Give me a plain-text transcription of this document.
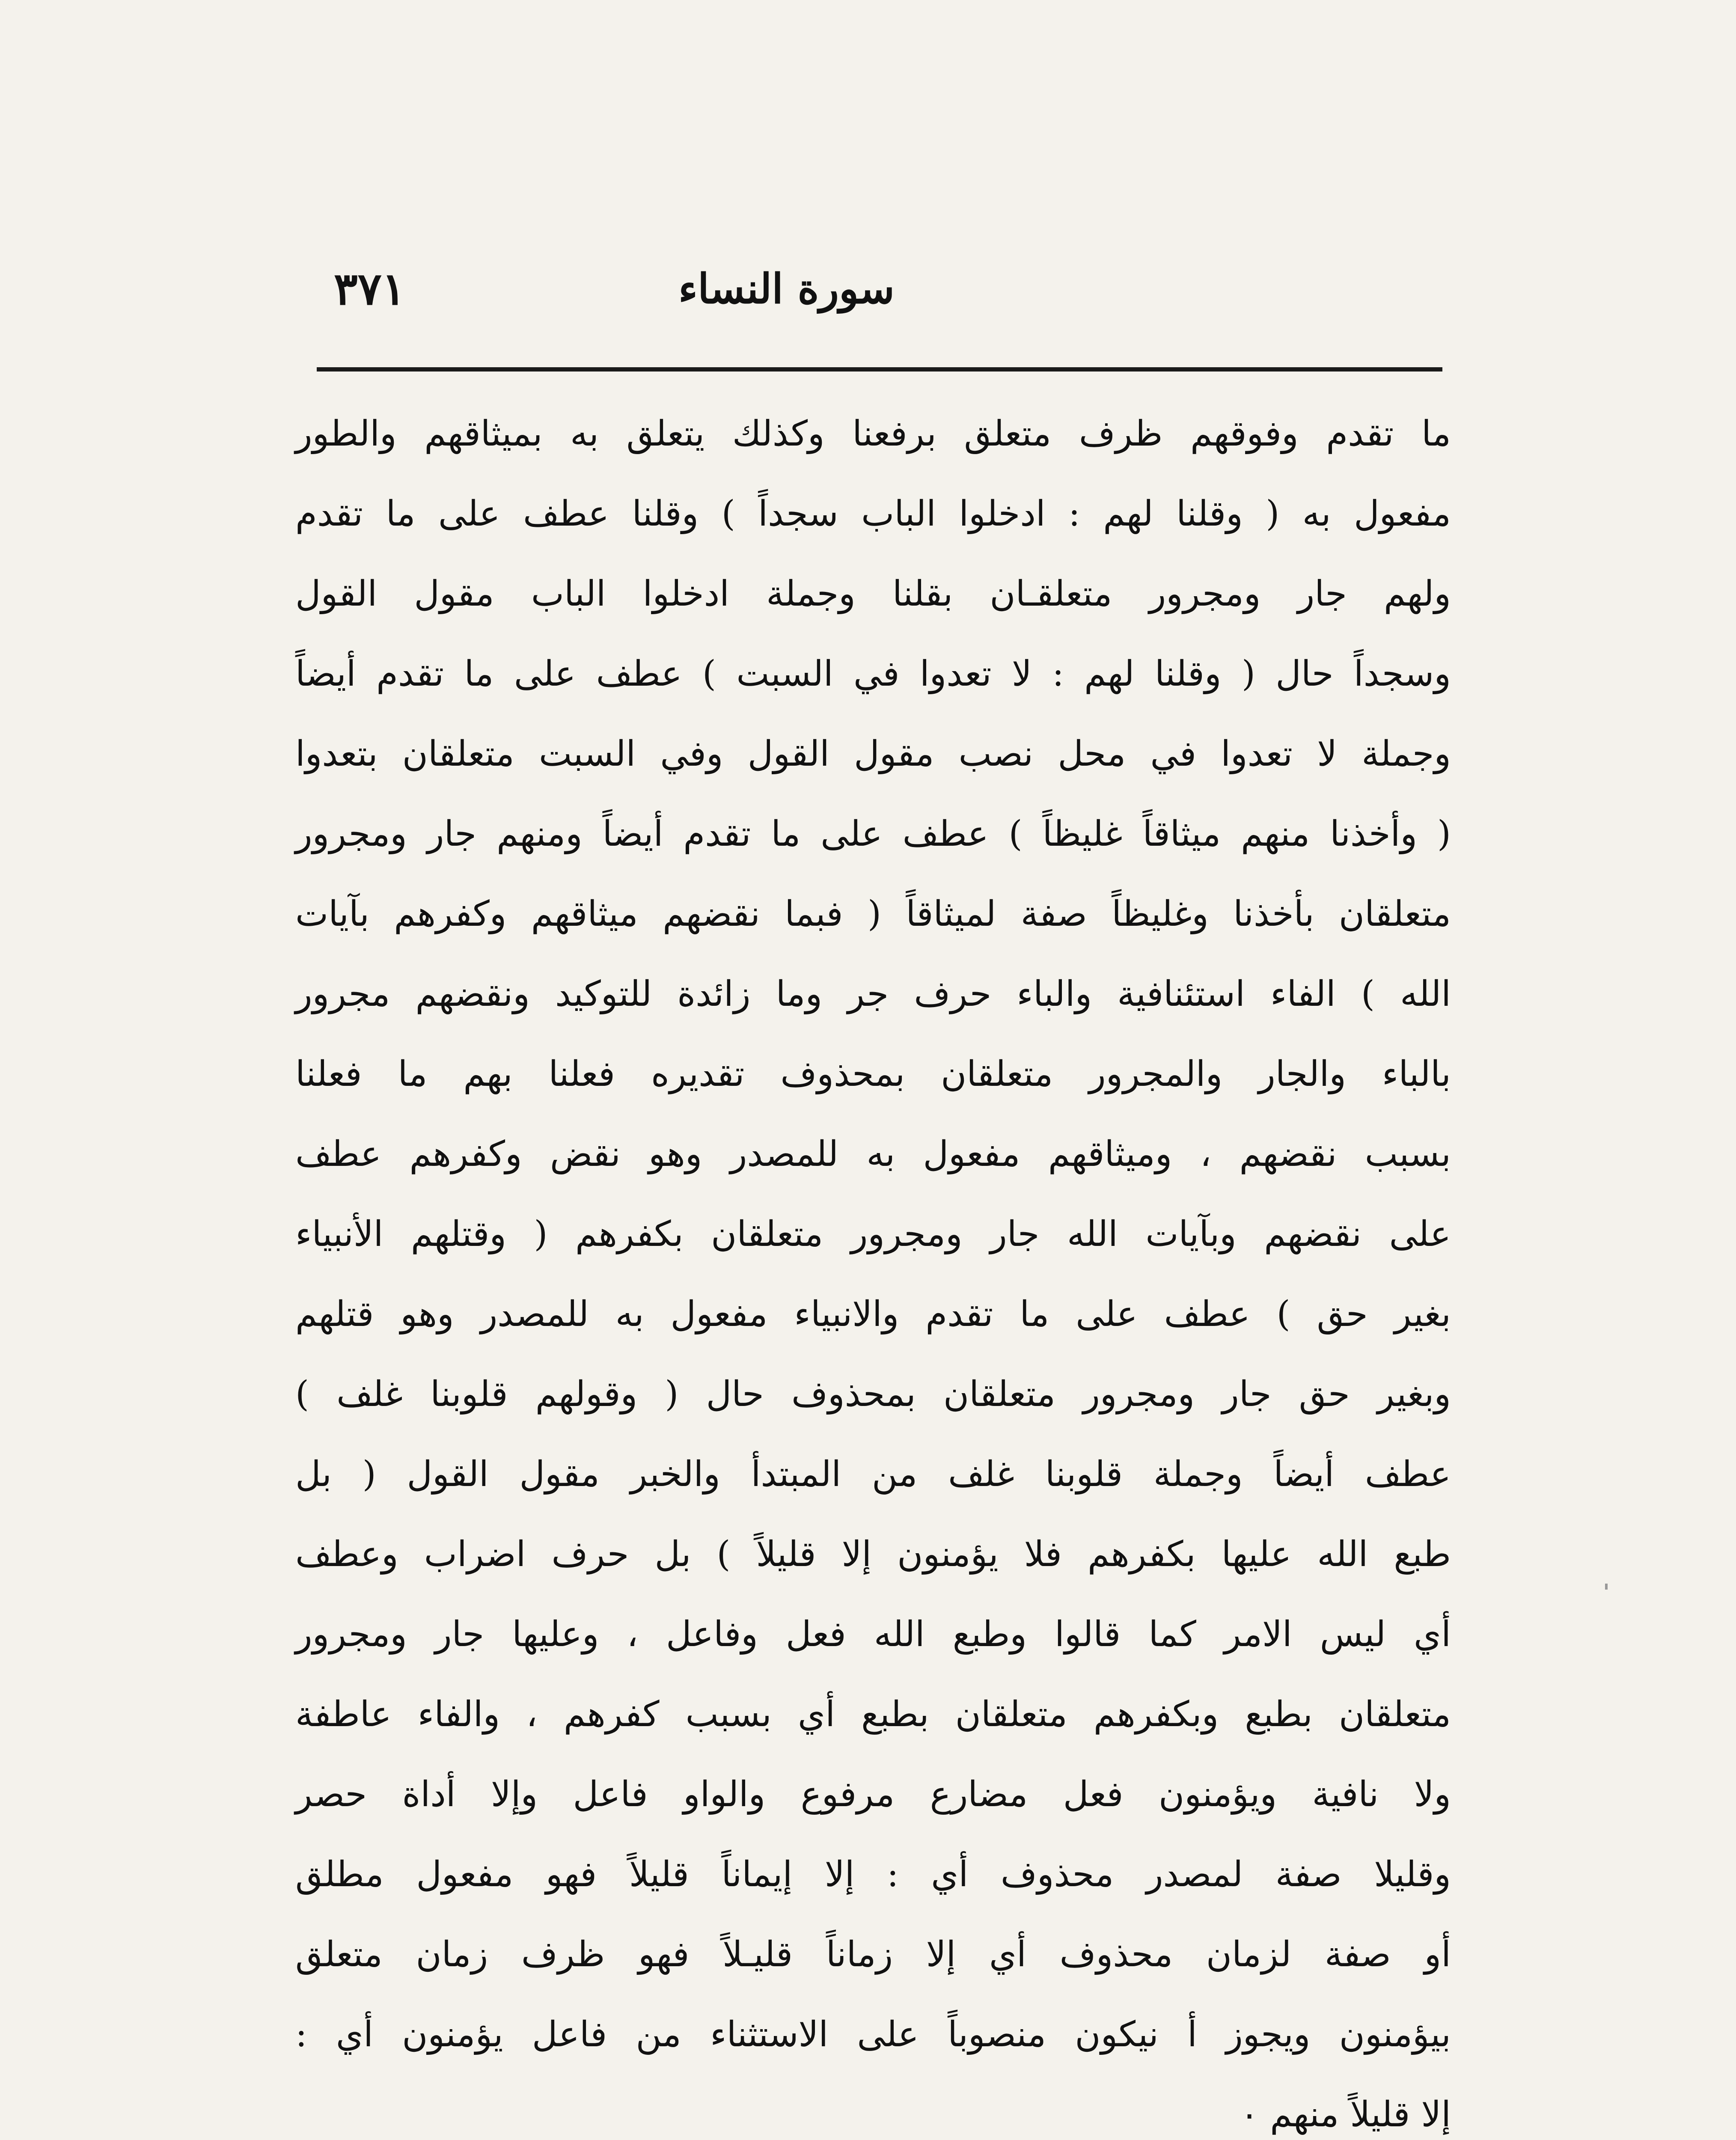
سورة النساء
٣٧١
ما تقدم وفوقهم ظرف متعلق برفعنا وكذلك يتعلق به بميثاقهم والطور
مفعول به ( وقلنا لهم : ادخلوا الباب سجداً ) وقلنا عطف على ما تقدم
ولهم جار ومجرور متعلقـان بقلنا وجملة ادخلوا الباب مقول القول
وسجداً حال ( وقلنا لهم : لا تعدوا في السبت ) عطف على ما تقدم أيضاً
وجملة لا تعدوا في محل نصب مقول القول وفي السبت متعلقان بتعدوا
( وأخذنا منهم ميثاقاً غليظاً ) عطف على ما تقدم أيضاً ومنهم جار ومجرور
متعلقان بأخذنا وغليظاً صفة لميثاقاً ( فبما نقضهم ميثاقهم وكفرهم بآيات
الله ) الفاء استئنافية والباء حرف جر وما زائدة للتوكيد ونقضهم مجرور
بالباء والجار والمجرور متعلقان بمحذوف تقديره فعلنا بهم ما فعلنا
بسبب نقضهم ، وميثاقهم مفعول به للمصدر وهو نقض وكفرهم عطف
على نقضهم وبآيات الله جار ومجرور متعلقان بكفرهم ( وقتلهم الأنبياء
بغير حق ) عطف على ما تقدم والانبياء مفعول به للمصدر وهو قتلهم
وبغير حق جار ومجرور متعلقان بمحذوف حال ( وقولهم قلوبنا غلف )
عطف أيضاً وجملة قلوبنا غلف من المبتدأ والخبر مقول القول ( بل
طبع الله عليها بكفرهم فلا يؤمنون إلا قليلاً ) بل حرف اضراب وعطف
أي ليس الامر كما قالوا وطبع الله فعل وفاعل ، وعليها جار ومجرور
متعلقان بطبع وبكفرهم متعلقان بطبع أي بسبب كفرهم ، والفاء عاطفة
ولا نافية ويؤمنون فعل مضارع مرفوع والواو فاعل وإلا أداة حصر
وقليلا صفة لمصدر محذوف أي : إلا إيماناً قليلاً فهو مفعول مطلق
أو صفة لزمان محذوف أي إلا زماناً قليـلاً فهو ظرف زمان متعلق
بيؤمنون ويجوز أ نيكون منصوباً على الاستثناء من فاعل يؤمنون أي :
إلا قليلاً منهم ٠
